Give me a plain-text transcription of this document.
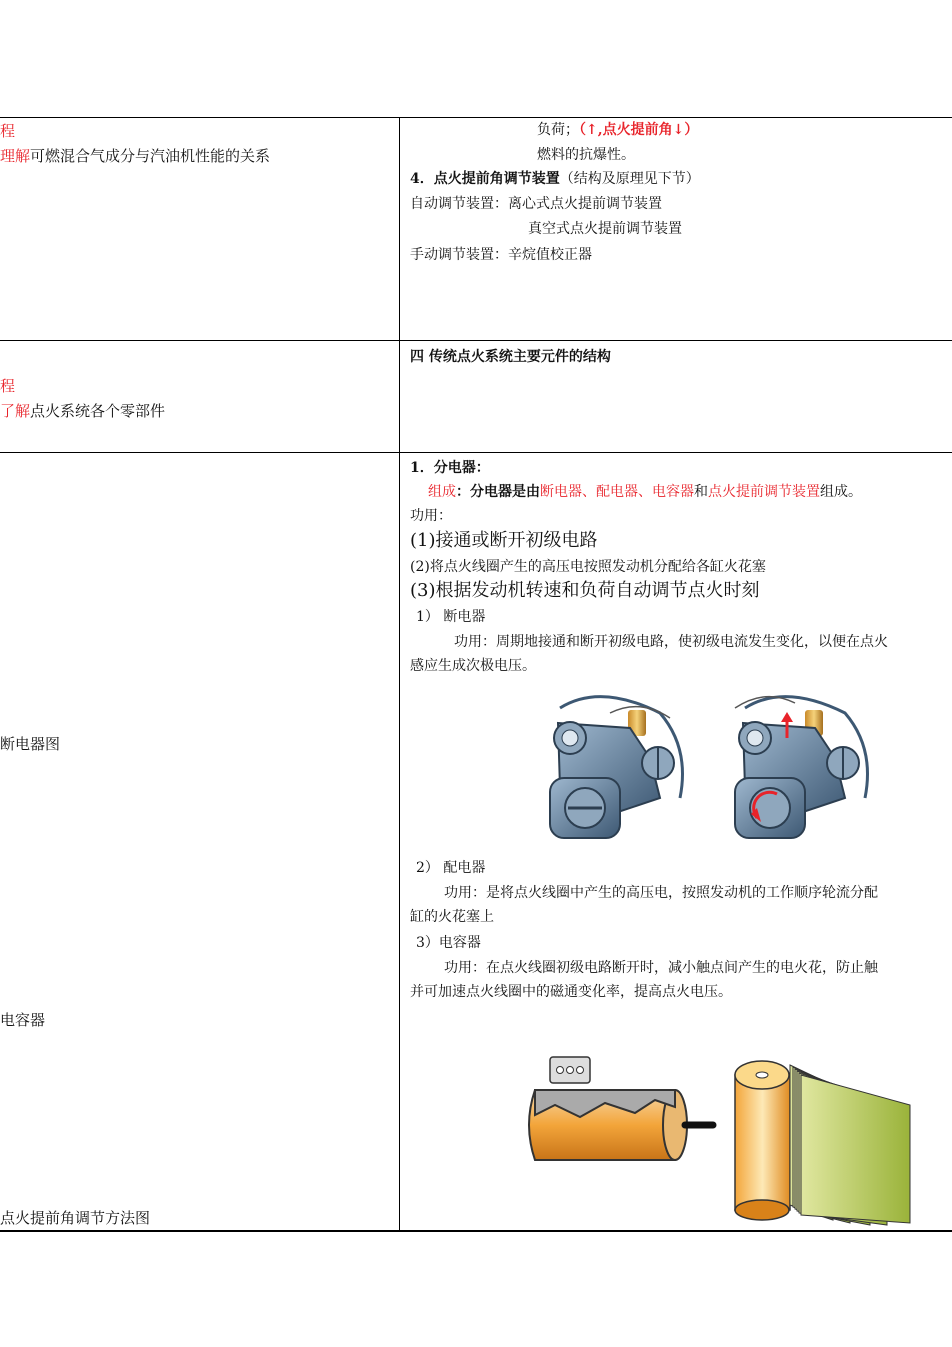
程
理解可燃混合气成分与汽油机性能的关系
程
了解点火系统各个零部件
断电器图
电容器
点火提前角调节方法图
负荷；（↑,点火提前角↓）
燃料的抗爆性。
4．点火提前角调节装置（结构及原理见下节）
自动调节装置：离心式点火提前调节装置
真空式点火提前调节装置
手动调节装置：辛烷值校正器
四 传统点火系统主要元件的结构
1．分电器：
组成：分电器是由断电器、配电器、电容器和点火提前调节装置组成。
功用：
(1)接通或断开初级电路
(2)将点火线圈产生的高压电按照发动机分配给各缸火花塞
(3)根据发动机转速和负荷自动调节点火时刻
1） 断电器
功用：周期地接通和断开初级电路，使初级电流发生变化，以便在点火
感应生成次极电压。
2） 配电器
功用：是将点火线圈中产生的高压电，按照发动机的工作顺序轮流分配
缸的火花塞上
3）电容器
功用：在点火线圈初级电路断开时，减小触点间产生的电火花，防止触
并可加速点火线圈中的磁通变化率，提高点火电压。
